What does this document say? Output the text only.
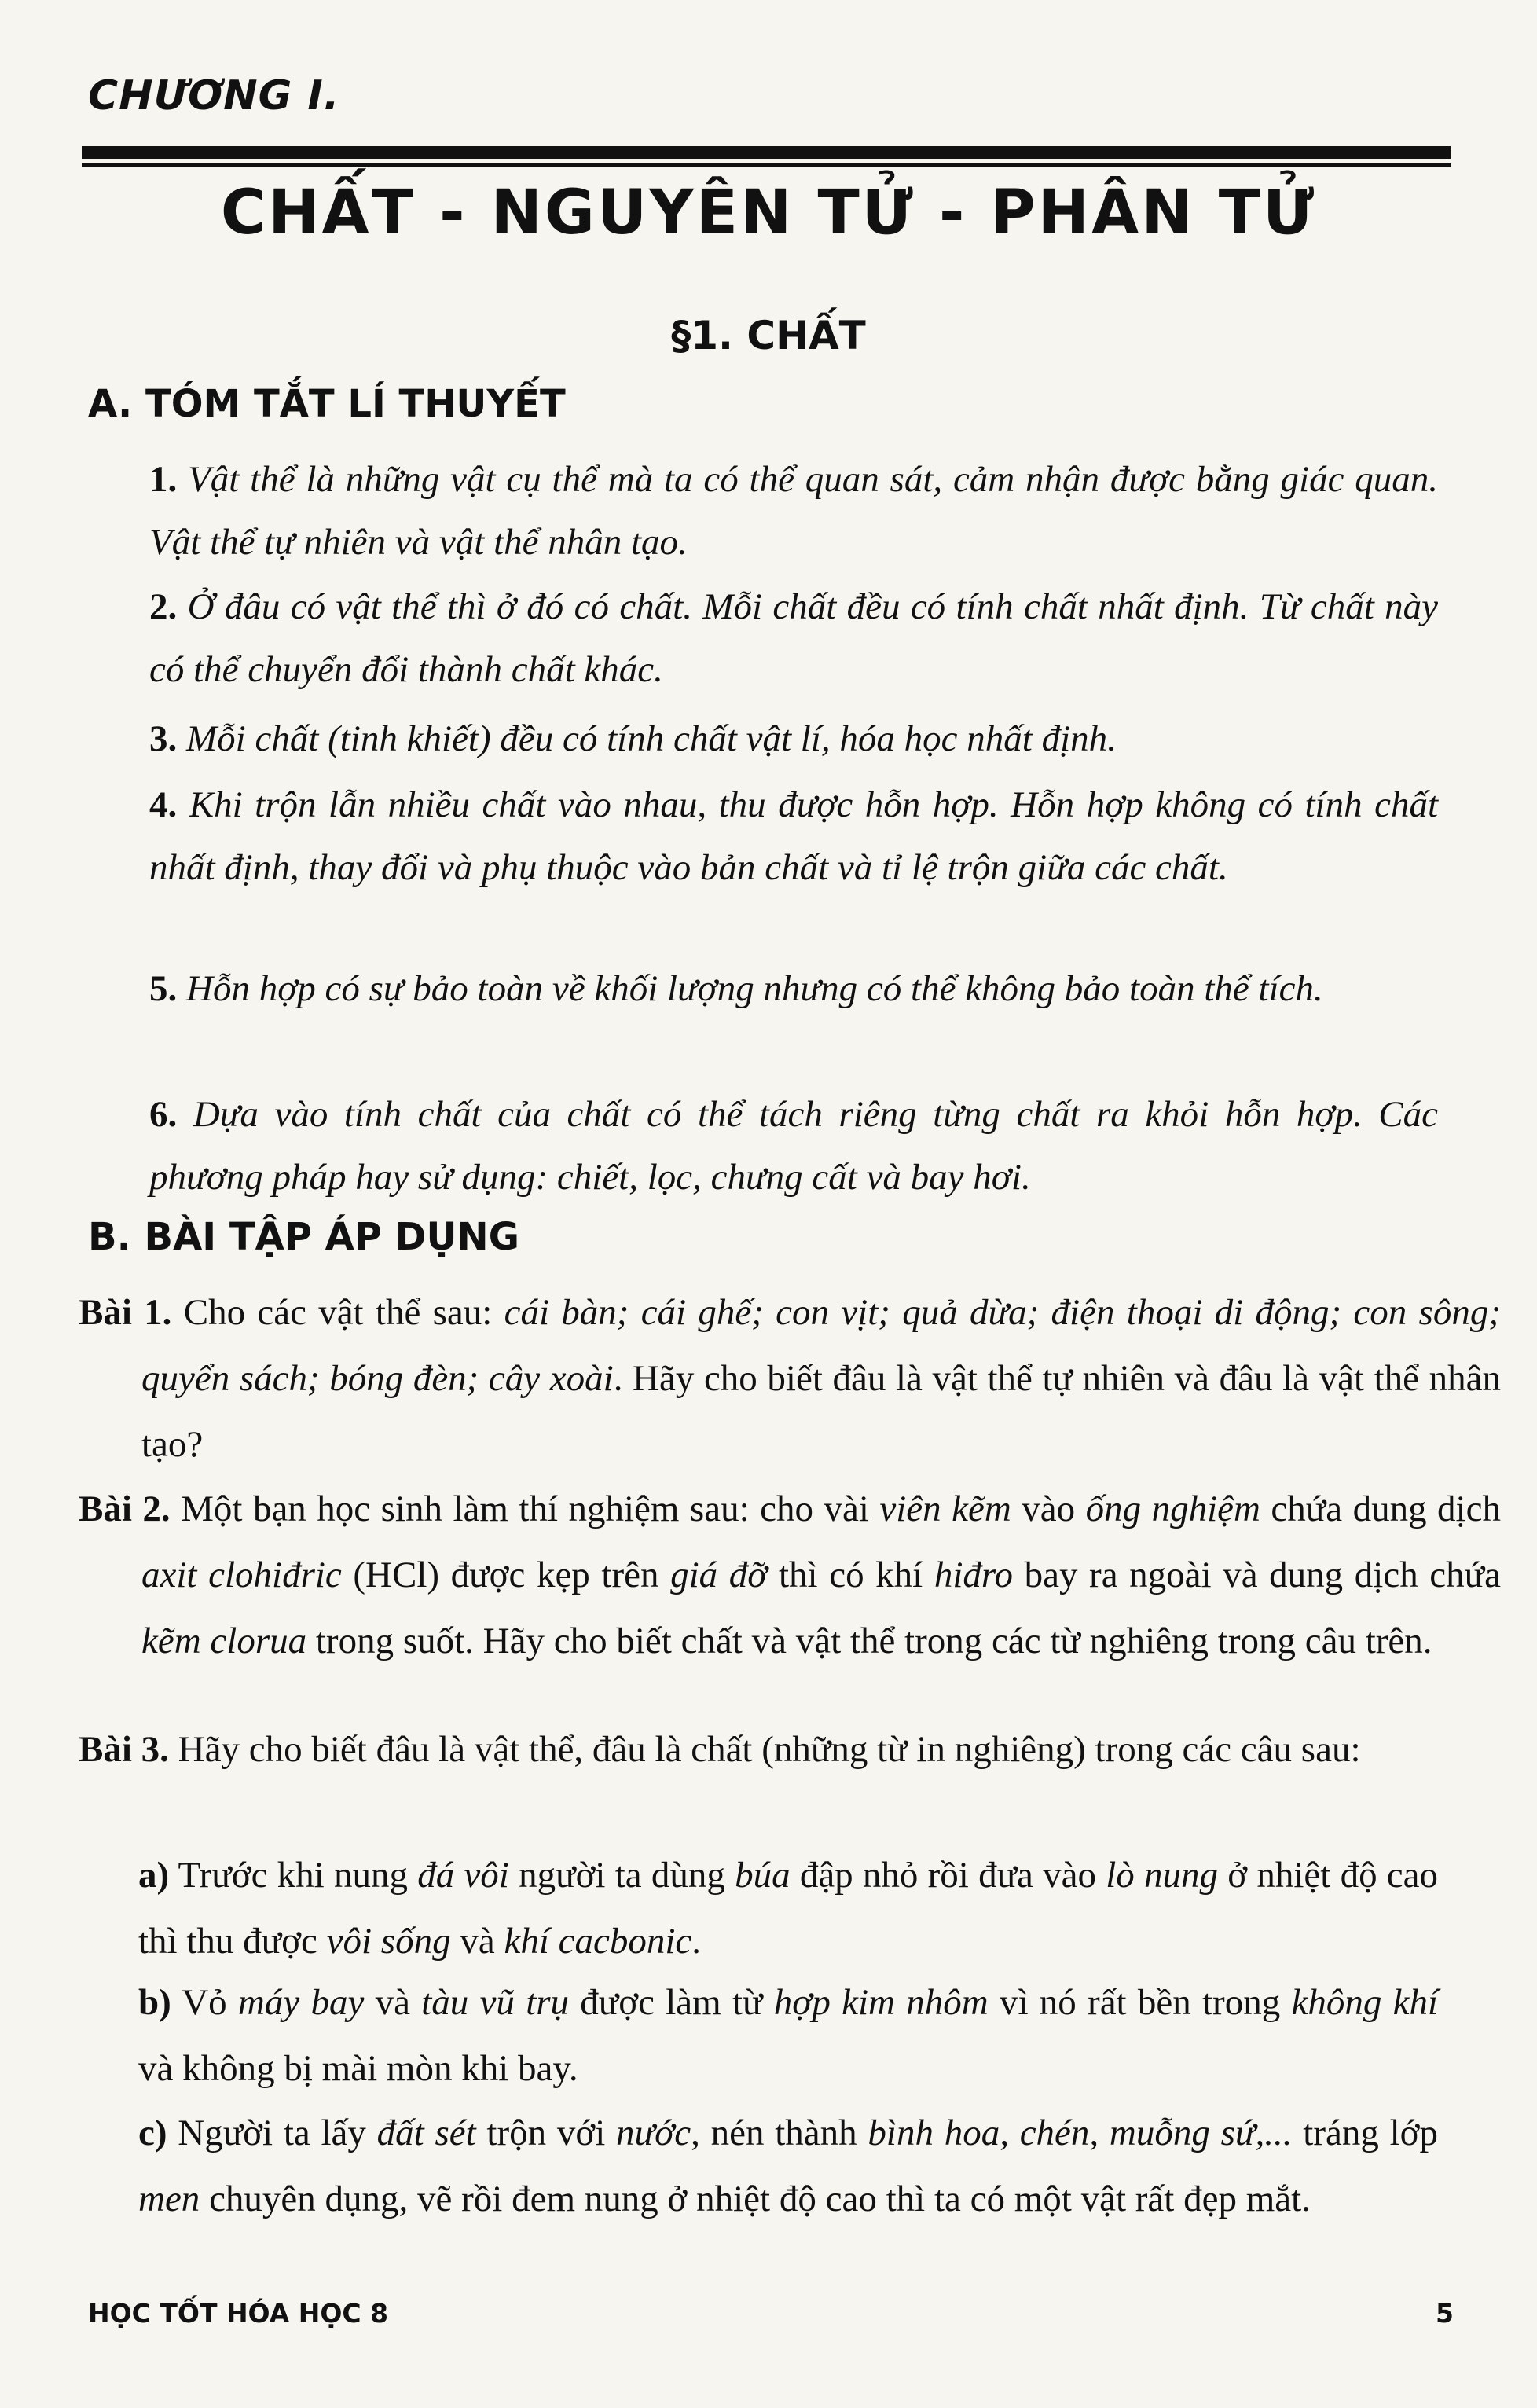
CHƯƠNG I.
CHẤT - NGUYÊN TỬ - PHÂN TỬ
§1. CHẤT
A. TÓM TẮT LÍ THUYẾT
1. Vật thể là những vật cụ thể mà ta có thể quan sát, cảm nhận được bằng giác quan. Vật thể tự nhiên và vật thể nhân tạo.
2. Ở đâu có vật thể thì ở đó có chất. Mỗi chất đều có tính chất nhất định. Từ chất này có thể chuyển đổi thành chất khác.
3. Mỗi chất (tinh khiết) đều có tính chất vật lí, hóa học nhất định.
4. Khi trộn lẫn nhiều chất vào nhau, thu được hỗn hợp. Hỗn hợp không có tính chất nhất định, thay đổi và phụ thuộc vào bản chất và tỉ lệ trộn giữa các chất.
5. Hỗn hợp có sự bảo toàn về khối lượng nhưng có thể không bảo toàn thể tích.
6. Dựa vào tính chất của chất có thể tách riêng từng chất ra khỏi hỗn hợp. Các phương pháp hay sử dụng: chiết, lọc, chưng cất và bay hơi.
B. BÀI TẬP ÁP DỤNG
Bài 1. Cho các vật thể sau: cái bàn; cái ghế; con vịt; quả dừa; điện thoại di động; con sông; quyển sách; bóng đèn; cây xoài. Hãy cho biết đâu là vật thể tự nhiên và đâu là vật thể nhân tạo?
Bài 2. Một bạn học sinh làm thí nghiệm sau: cho vài viên kẽm vào ống nghiệm chứa dung dịch axit clohiđric (HCl) được kẹp trên giá đỡ thì có khí hiđro bay ra ngoài và dung dịch chứa kẽm clorua trong suốt. Hãy cho biết chất và vật thể trong các từ nghiêng trong câu trên.
Bài 3. Hãy cho biết đâu là vật thể, đâu là chất (những từ in nghiêng) trong các câu sau:
a) Trước khi nung đá vôi người ta dùng búa đập nhỏ rồi đưa vào lò nung ở nhiệt độ cao thì thu được vôi sống và khí cacbonic.
b) Vỏ máy bay và tàu vũ trụ được làm từ hợp kim nhôm vì nó rất bền trong không khí và không bị mài mòn khi bay.
c) Người ta lấy đất sét trộn với nước, nén thành bình hoa, chén, muỗng sứ,... tráng lớp men chuyên dụng, vẽ rồi đem nung ở nhiệt độ cao thì ta có một vật rất đẹp mắt.
HỌC TỐT HÓA HỌC 8	5
